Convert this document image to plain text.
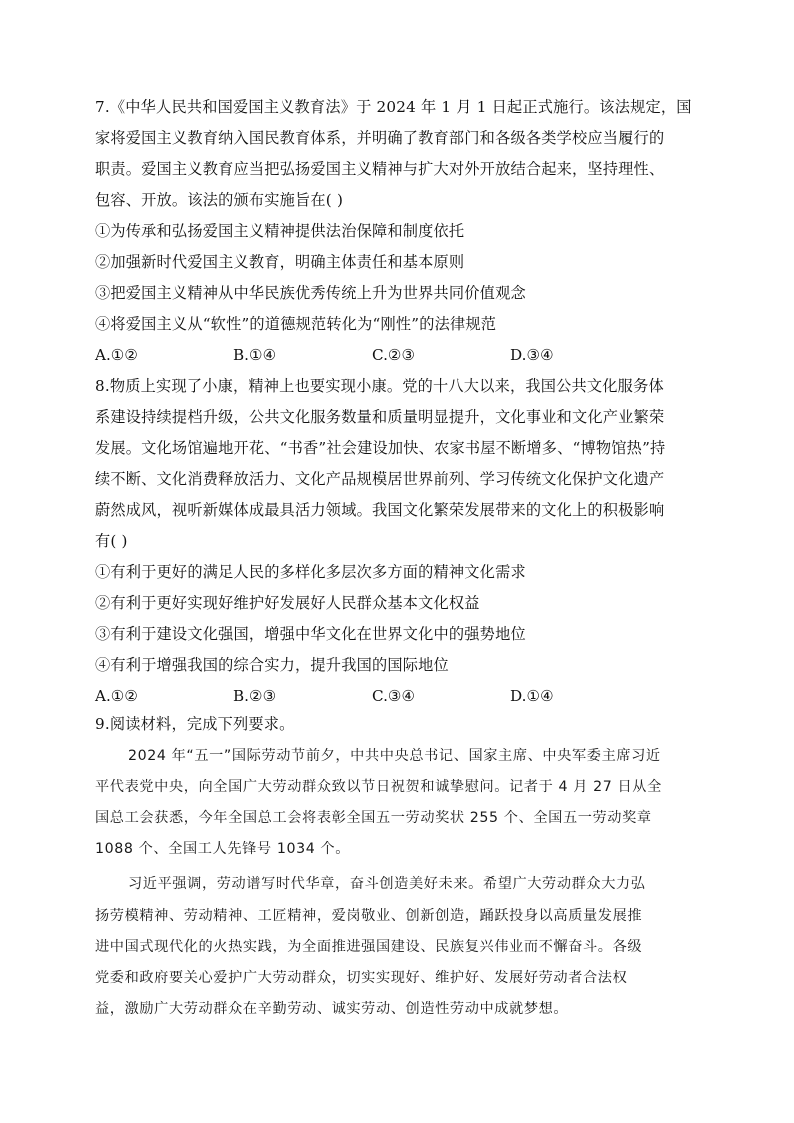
7.《中华人民共和国爱国主义教育法》于 2024 年 1 月 1 日起正式施行。该法规定，国
家将爱国主义教育纳入国民教育体系，并明确了教育部门和各级各类学校应当履行的
职责。爱国主义教育应当把弘扬爱国主义精神与扩大对外开放结合起来，坚持理性、
包容、开放。该法的颁布实施旨在( )
①为传承和弘扬爱国主义精神提供法治保障和制度依托
②加强新时代爱国主义教育，明确主体责任和基本原则
③把爱国主义精神从中华民族优秀传统上升为世界共同价值观念
④将爱国主义从“软性”的道德规范转化为“刚性”的法律规范
A.①②	B.①④	C.②③	D.③④
8.物质上实现了小康，精神上也要实现小康。党的十八大以来，我国公共文化服务体
系建设持续提档升级，公共文化服务数量和质量明显提升，文化事业和文化产业繁荣
发展。文化场馆遍地开花、“书香”社会建设加快、农家书屋不断增多、“博物馆热”持
续不断、文化消费释放活力、文化产品规模居世界前列、学习传统文化保护文化遗产
蔚然成风，视听新媒体成最具活力领域。我国文化繁荣发展带来的文化上的积极影响
有( )
①有利于更好的满足人民的多样化多层次多方面的精神文化需求
②有利于更好实现好维护好发展好人民群众基本文化权益
③有利于建设文化强国，增强中华文化在世界文化中的强势地位
④有利于增强我国的综合实力，提升我国的国际地位
A.①②	B.②③	C.③④	D.①④
9.阅读材料，完成下列要求。
2024 年“五一”国际劳动节前夕，中共中央总书记、国家主席、中央军委主席习近
平代表党中央，向全国广大劳动群众致以节日祝贺和诚挚慰问。记者于 4 月 27 日从全
国总工会获悉，今年全国总工会将表彰全国五一劳动奖状 255 个、全国五一劳动奖章
1088 个、全国工人先锋号 1034 个。
习近平强调，劳动谱写时代华章，奋斗创造美好未来。希望广大劳动群众大力弘
扬劳模精神、劳动精神、工匠精神，爱岗敬业、创新创造，踊跃投身以高质量发展推
进中国式现代化的火热实践，为全面推进强国建设、民族复兴伟业而不懈奋斗。各级
党委和政府要关心爱护广大劳动群众，切实实现好、维护好、发展好劳动者合法权
益，激励广大劳动群众在辛勤劳动、诚实劳动、创造性劳动中成就梦想。
